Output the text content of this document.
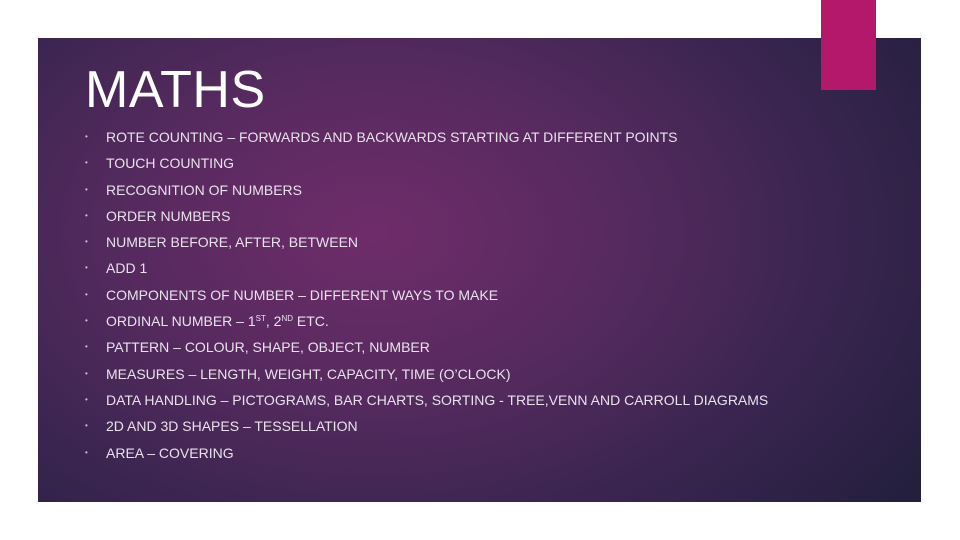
MATHS
• ROTE COUNTING – FORWARDS AND BACKWARDS STARTING AT DIFFERENT POINTS
• TOUCH COUNTING
• RECOGNITION OF NUMBERS
• ORDER NUMBERS
• NUMBER BEFORE, AFTER, BETWEEN
• ADD 1
• COMPONENTS OF NUMBER – DIFFERENT WAYS TO MAKE
• ORDINAL NUMBER – 1ST, 2ND ETC.
• PATTERN – COLOUR, SHAPE, OBJECT, NUMBER
• MEASURES – LENGTH, WEIGHT, CAPACITY, TIME (O’CLOCK)
• DATA HANDLING – PICTOGRAMS, BAR CHARTS, SORTING - TREE,VENN AND CARROLL DIAGRAMS
• 2D AND 3D SHAPES – TESSELLATION
• AREA – COVERING
